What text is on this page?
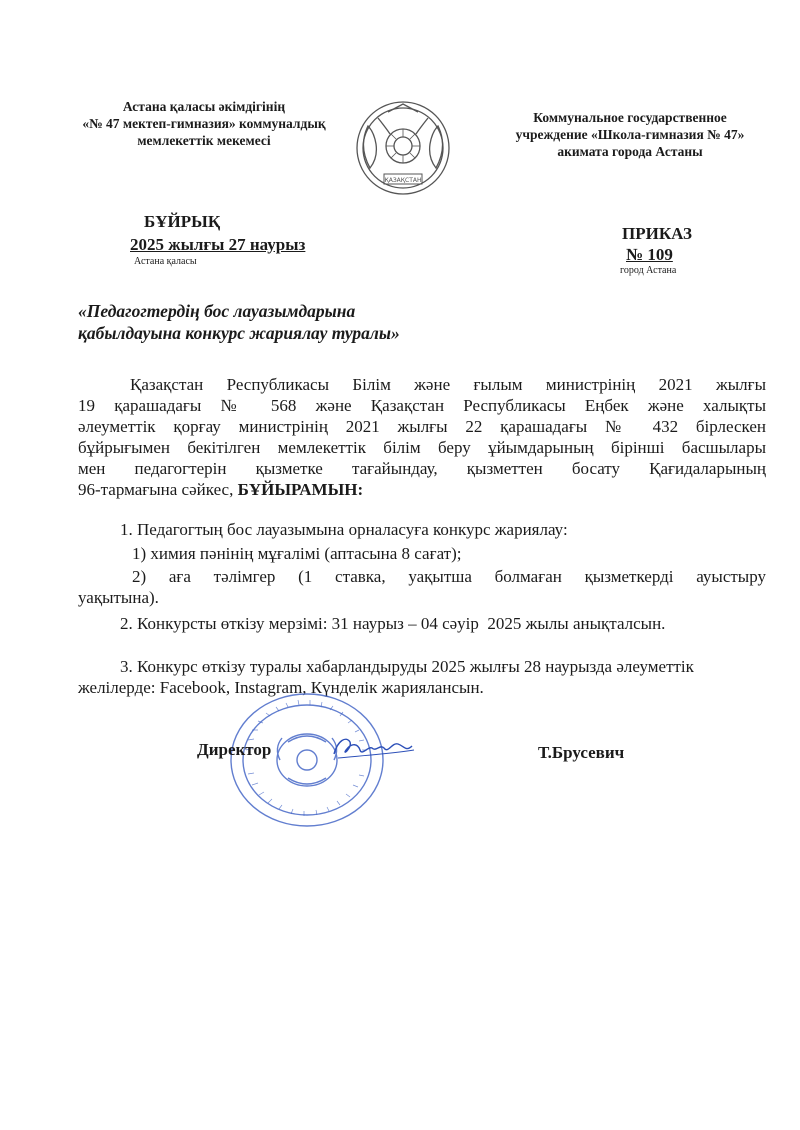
Астана қаласы әкімдігінің
«№ 47 мектеп-гимназия» коммуналдық
мемлекеттік мекемесі
ҚАЗАҚСТАН
Коммунальное государственное
учреждение «Школа-гимназия № 47»
акимата города Астаны
БҰЙРЫҚ
2025 жылғы 27 наурыз
Астана қаласы
ПРИКАЗ
№ 109
город Астана
«Педагогтердің бос лауазымдарына
қабылдауына конкурс жариялау туралы»
Қазақстан Республикасы Білім және ғылым министрінің 2021 жылғы
19 қарашадағы № 568 және Қазақстан Республикасы Еңбек және халықты
әлеуметтік қорғау министрінің 2021 жылғы 22 қарашадағы № 432 бірлескен
бұйрығымен бекітілген мемлекеттік білім беру ұйымдарының бірінші басшылары
мен педагогтерін қызметке тағайындау, қызметтен босату Қағидаларының
96-тармағына сәйкес, БҰЙЫРАМЫН:
1. Педагогтың бос лауазымына орналасуға конкурс жариялау:
1) химия пәнінің мұғалімі (аптасына 8 сағат);
2) аға тәлімгер (1 ставка, уақытша болмаған қызметкерді ауыстыру
уақытына).
2. Конкурсты өткізу мерзімі: 31 наурыз – 04 сәуір  2025 жылы анықталсын.
3. Конкурс өткізу туралы хабарландыруды 2025 жылғы 28 наурызда әлеуметтік
желілерде: Facebook, Instagram, Күнделік жариялансын.
Директор	Т.Брусевич
